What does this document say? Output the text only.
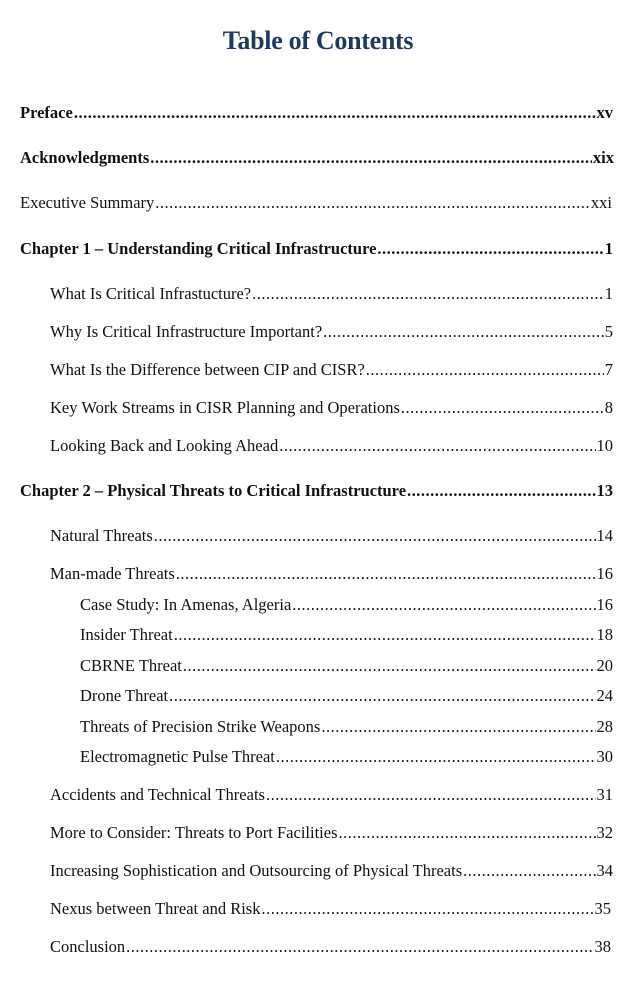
Table of Contents
Preface .....	xv
Acknowledgments .....	xix
Executive Summary .....	xxi
Chapter 1 – Understanding Critical Infrastructure .....	1
What Is Critical Infrastucture? .....	1
Why Is Critical Infrastructure Important? .....	5
What Is the Difference between CIP and CISR? .....	7
Key Work Streams in CISR Planning and Operations .....	8
Looking Back and Looking Ahead .....	10
Chapter 2 – Physical Threats to Critical Infrastructure .....	13
Natural Threats .....	14
Man-made Threats .....	16
Case Study: In Amenas, Algeria .....	16
Insider Threat .....	18
CBRNE Threat .....	20
Drone Threat .....	24
Threats of Precision Strike Weapons .....	28
Electromagnetic Pulse Threat .....	30
Accidents and Technical Threats .....	31
More to Consider: Threats to Port Facilities .....	32
Increasing Sophistication and Outsourcing of Physical Threats .....	34
Nexus between Threat and Risk .....	35
Conclusion .....	38
